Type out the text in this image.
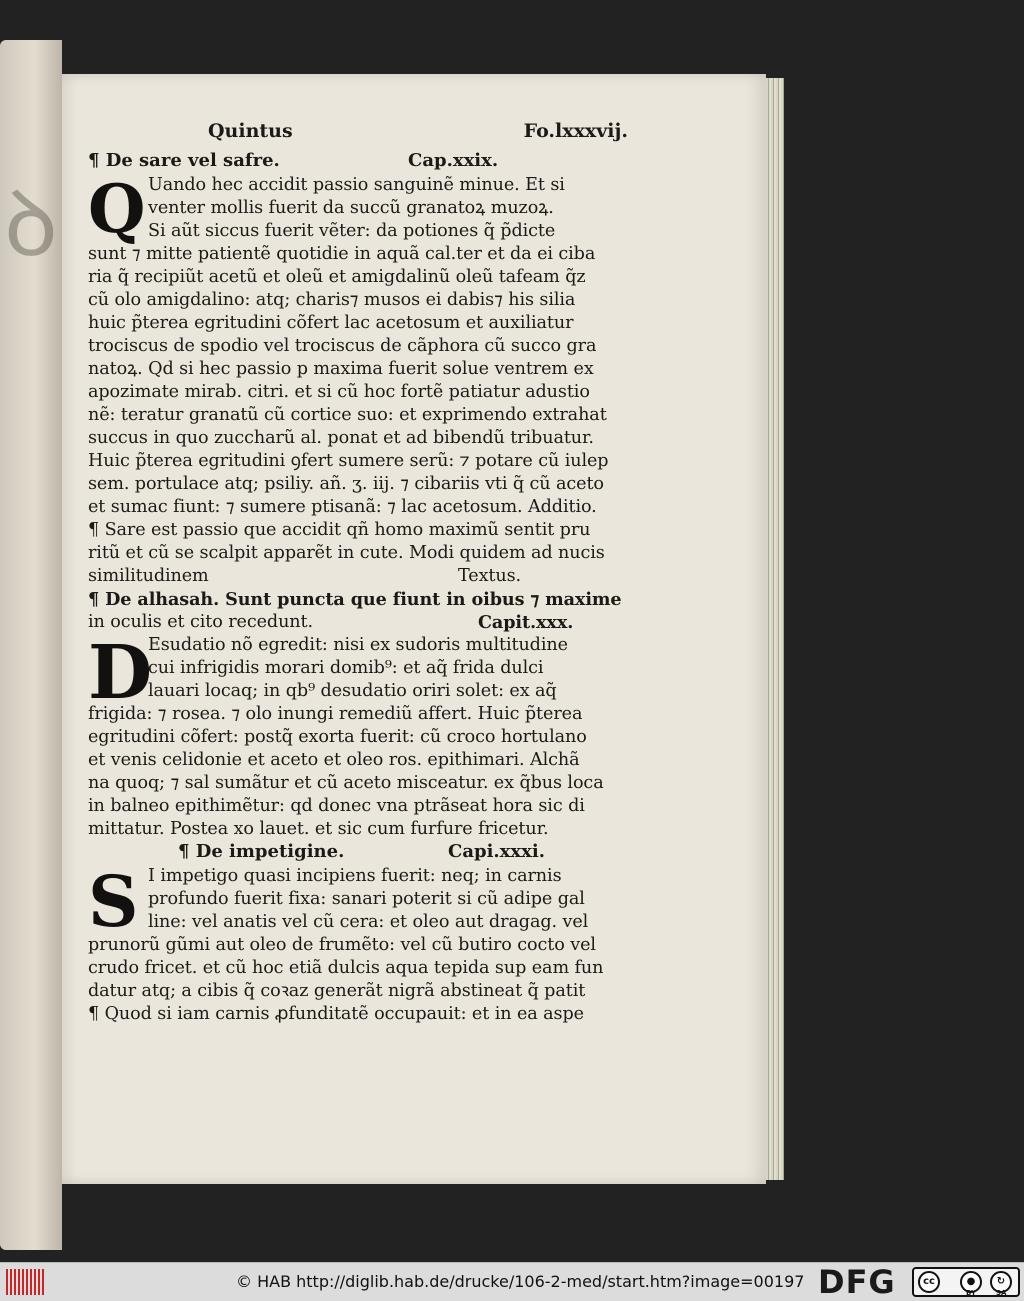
ꝺ
Quintus	Fo.lxxxvij.
¶ De sare vel safre.	Cap.xxix.
Q Uando hec accidit passio sanguinẽ minue. Et si
venter mollis fuerit da succũ granatoꝝ muzoꝝ.
Si aũt siccus fuerit vẽter: da potiones q̃ p̃dicte
sunt ⁊ mitte patientẽ quotidie in aquã cal.ter et da ei ciba
ria q̃ recipiũt acetũ et oleũ et amigdalinũ oleũ tafeam q̃z
cũ olo amigdalino: atq; charis⁊ musos ei dabis⁊ his silia
huic p̃terea egritudini cõfert lac acetosum et auxiliatur
trociscus de spodio vel trociscus de cãphora cũ succo gra
natoꝝ. Qd si hec passio p maxima fuerit solue ventrem ex
apozimate mirab. citri. et si cũ hoc fortẽ patiatur adustio
nẽ: teratur granatũ cũ cortice suo: et exprimendo extrahat
succus in quo zuccharũ al. ponat et ad bibendũ tribuatur.
Huic p̃terea egritudini ꝯfert sumere serũ: ⁊ potare cũ iulep
sem. portulace atq; psiliy. añ. ʒ. iij. ⁊ cibariis vti q̃ cũ aceto
et sumac fiunt: ⁊ sumere ptisanã: ⁊ lac acetosum. Additio.
¶ Sare est passio que accidit qñ homo maximũ sentit pru
ritũ et cũ se scalpit apparẽt in cute. Modi quidem ad nucis
similitudinem	Textus.
¶ De alhasah. Sunt puncta que fiunt in oibus ⁊ maxime
in oculis et cito recedunt.	Capit.xxx.
D
Esudatio nõ egredit: nisi ex sudoris multitudine
cui infrigidis morari domib⁹: et aq̃ frida dulci
lauari locaq; in qb⁹ desudatio oriri solet: ex aq̃
frigida: ⁊ rosea. ⁊ olo inungi remediũ affert. Huic p̃terea
egritudini cõfert: postq̃ exorta fuerit: cũ croco hortulano
et venis celidonie et aceto et oleo ros. epithimari. Alchã
na quoq; ⁊ sal sumãtur et cũ aceto misceatur. ex q̃bus loca
in balneo epithimẽtur: qd donec vna ptrãseat hora sic di
mittatur. Postea xo lauet. et sic cum furfure fricetur.
¶ De impetigine.	Capi.xxxi.
S I impetigo quasi incipiens fuerit: neq; in carnis
profundo fuerit fixa: sanari poterit si cũ adipe gal
line: vel anatis vel cũ cera: et oleo aut dragag. vel
prunorũ gũmi aut oleo de frumẽto: vel cũ butiro cocto vel
crudo fricet. et cũ hoc etiã dulcis aqua tepida sup eam fun
datur atq; a cibis q̃ coꝛaz generãt nigrã abstineat q̃ patit
¶ Quod si iam carnis ꝓfunditatẽ occupauit: et in ea aspe
© HAB http://diglib.hab.de/drucke/106-2-med/start.htm?image=00197 DFG	cc	●	↻
BY	SA
